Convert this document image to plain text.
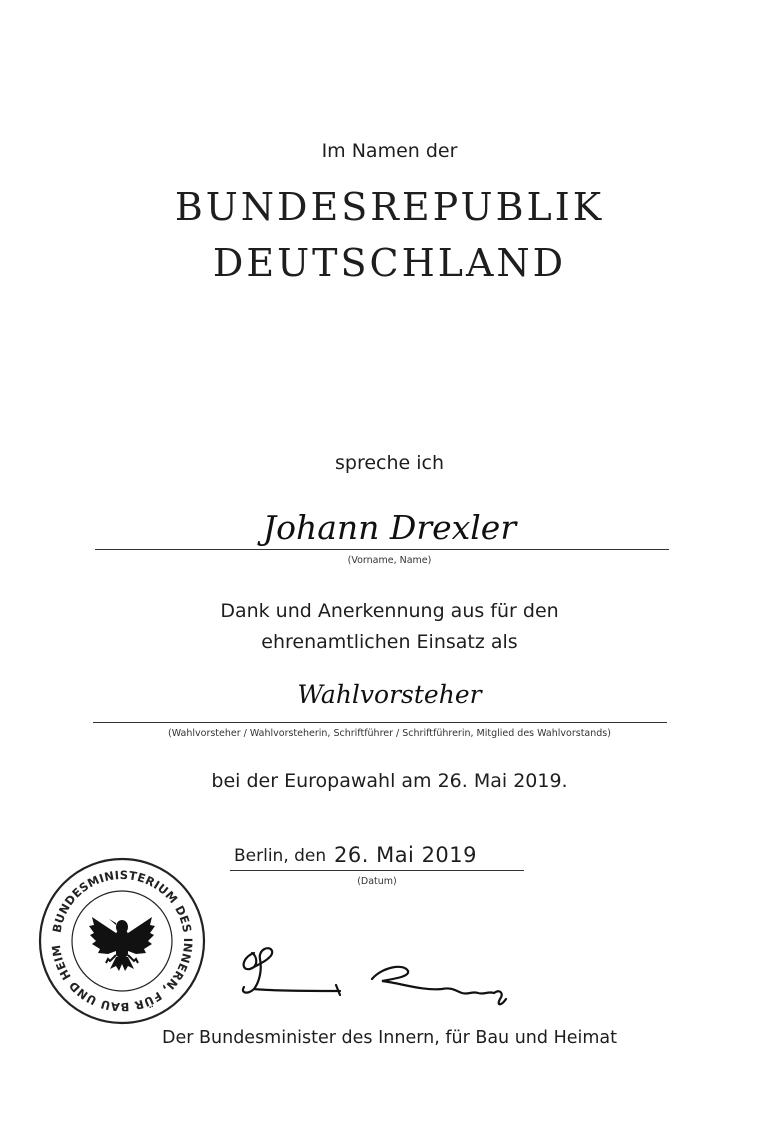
Im Namen der
BUNDESREPUBLIK
DEUTSCHLAND
spreche ich
Johann Drexler
(Vorname, Name)
Dank und Anerkennung aus für den
ehrenamtlichen Einsatz als
Wahlvorsteher
(Wahlvorsteher / Wahlvorsteherin, Schriftführer / Schriftführerin, Mitglied des Wahlvorstands)
bei der Europawahl am 26. Mai 2019.
Berlin, den 26. Mai 2019
(Datum)
BUNDESMINISTERIUM DES INNERN, FÜR BAU UND HEIM
Der Bundesminister des Innern, für Bau und Heimat
